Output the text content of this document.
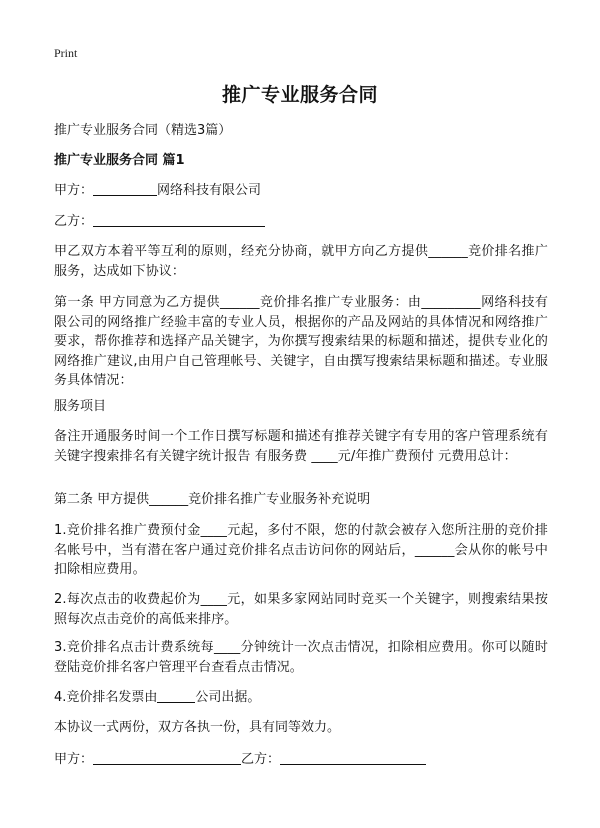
Print
推广专业服务合同
推广专业服务合同（精选3篇）
推广专业服务合同 篇1
甲方：	网络科技有限公司
乙方：
甲乙双方本着平等互利的原则，经充分协商，就甲方向乙方提供______竞价排名推广服务，达成如下协议：
第一条 甲方同意为乙方提供______竞价排名推广专业服务：由_________网络科技有限公司的网络推广经验丰富的专业人员，根据你的产品及网站的具体情况和网络推广要求，帮你推荐和选择产品关键字，为你撰写搜索结果的标题和描述，提供专业化的网络推广建议,由用户自己管理帐号、关键字，自由撰写搜索结果标题和描述。专业服务具体情况：
服务项目
备注开通服务时间一个工作日撰写标题和描述有推荐关键字有专用的客户管理系统有关键字搜索排名有关键字统计报告 有服务费 ____元/年推广费预付 元费用总计：
第二条 甲方提供______竞价排名推广专业服务补充说明
1.竞价排名推广费预付金____元起，多付不限，您的付款会被存入您所注册的竞价排名帐号中，当有潜在客户通过竞价排名点击访问你的网站后，______会从你的帐号中扣除相应费用。
2.每次点击的收费起价为____元，如果多家网站同时竞买一个关键字，则搜索结果按照每次点击竞价的高低来排序。
3.竞价排名点击计费系统每____分钟统计一次点击情况，扣除相应费用。你可以随时登陆竞价排名客户管理平台查看点击情况。
4.竞价排名发票由	公司出据。
本协议一式两份，双方各执一份，具有同等效力。
甲方：	乙方：
